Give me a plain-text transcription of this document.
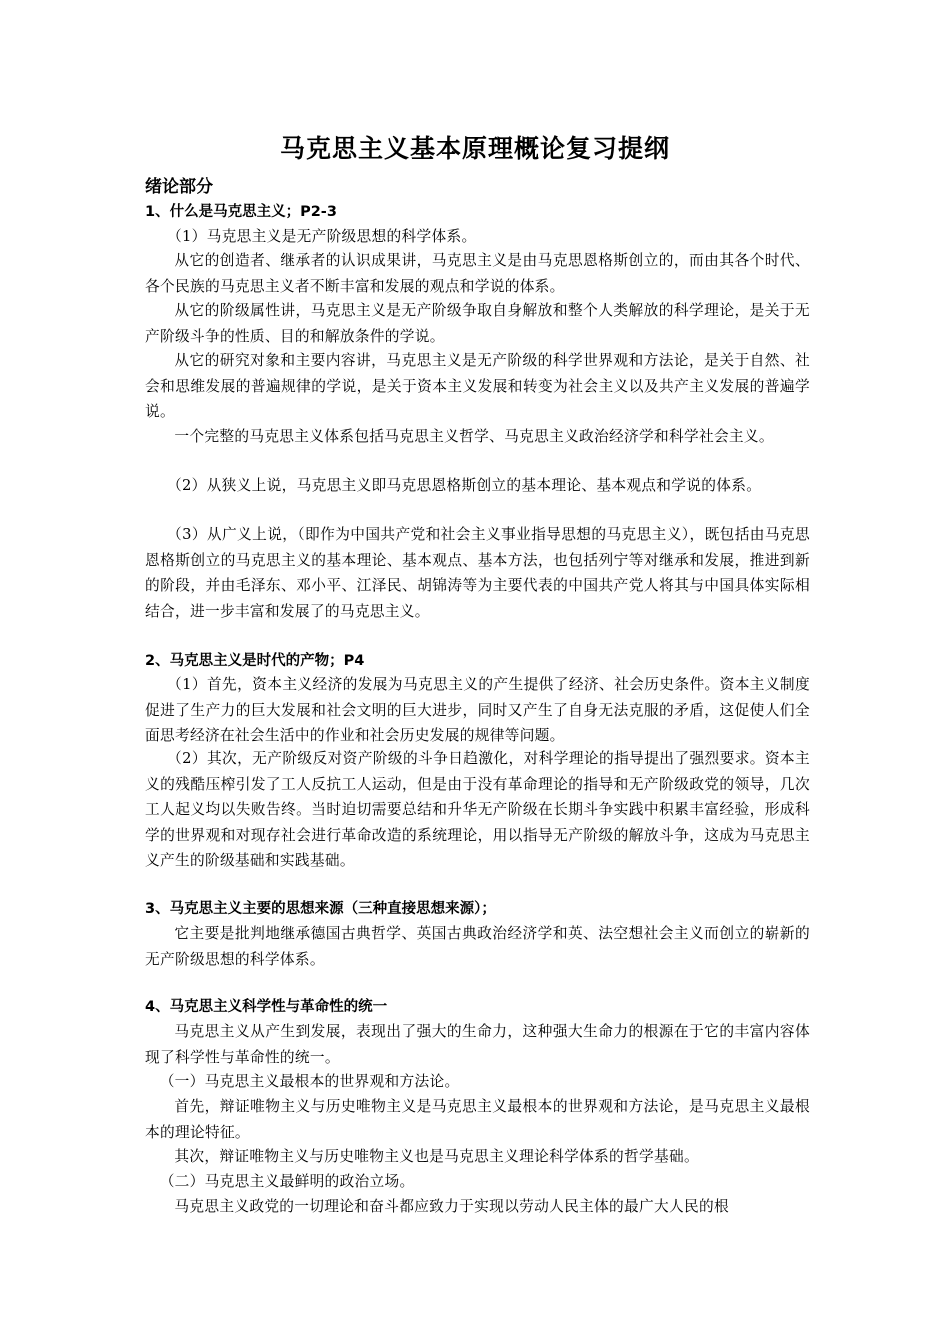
马克思主义基本原理概论复习提纲
绪论部分
1、什么是马克思主义；P2-3
（1）马克思主义是无产阶级思想的科学体系。
从它的创造者、继承者的认识成果讲，马克思主义是由马克思恩格斯创立的，而由其各个时代、各个民族的马克思主义者不断丰富和发展的观点和学说的体系。
从它的阶级属性讲，马克思主义是无产阶级争取自身解放和整个人类解放的科学理论，是关于无产阶级斗争的性质、目的和解放条件的学说。
从它的研究对象和主要内容讲，马克思主义是无产阶级的科学世界观和方法论，是关于自然、社会和思维发展的普遍规律的学说，是关于资本主义发展和转变为社会主义以及共产主义发展的普遍学说。
一个完整的马克思主义体系包括马克思主义哲学、马克思主义政治经济学和科学社会主义。
（2）从狭义上说，马克思主义即马克思恩格斯创立的基本理论、基本观点和学说的体系。
（3）从广义上说，（即作为中国共产党和社会主义事业指导思想的马克思主义），既包括由马克思恩格斯创立的马克思主义的基本理论、基本观点、基本方法，也包括列宁等对继承和发展，推进到新的阶段，并由毛泽东、邓小平、江泽民、胡锦涛等为主要代表的中国共产党人将其与中国具体实际相结合，进一步丰富和发展了的马克思主义。
2、马克思主义是时代的产物；P4
（1）首先，资本主义经济的发展为马克思主义的产生提供了经济、社会历史条件。资本主义制度促进了生产力的巨大发展和社会文明的巨大进步，同时又产生了自身无法克服的矛盾，这促使人们全面思考经济在社会生活中的作业和社会历史发展的规律等问题。
（2）其次，无产阶级反对资产阶级的斗争日趋激化，对科学理论的指导提出了强烈要求。资本主义的残酷压榨引发了工人反抗工人运动，但是由于没有革命理论的指导和无产阶级政党的领导，几次工人起义均以失败告终。当时迫切需要总结和升华无产阶级在长期斗争实践中积累丰富经验，形成科学的世界观和对现存社会进行革命改造的系统理论，用以指导无产阶级的解放斗争，这成为马克思主义产生的阶级基础和实践基础。
3、马克思主义主要的思想来源（三种直接思想来源）；
它主要是批判地继承德国古典哲学、英国古典政治经济学和英、法空想社会主义而创立的崭新的无产阶级思想的科学体系。
4、马克思主义科学性与革命性的统一
马克思主义从产生到发展，表现出了强大的生命力，这种强大生命力的根源在于它的丰富内容体现了科学性与革命性的统一。
（一）马克思主义最根本的世界观和方法论。
首先，辩证唯物主义与历史唯物主义是马克思主义最根本的世界观和方法论，是马克思主义最根本的理论特征。
其次，辩证唯物主义与历史唯物主义也是马克思主义理论科学体系的哲学基础。
（二）马克思主义最鲜明的政治立场。
马克思主义政党的一切理论和奋斗都应致力于实现以劳动人民主体的最广大人民的根
